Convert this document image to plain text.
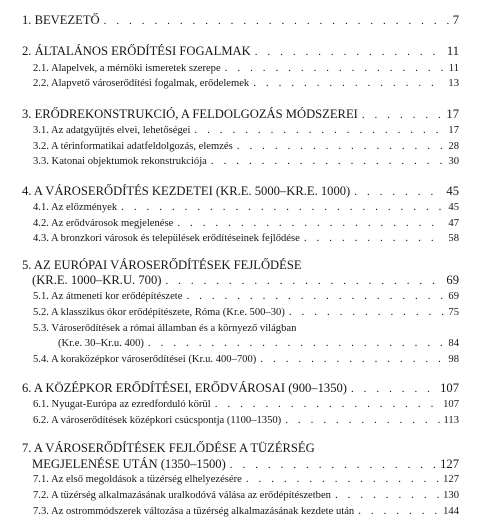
1. BEVEZETŐ . . .	7
2. ÁLTALÁNOS ERŐDÍTÉSI FOGALMAK . . .	11
2.1. Alapelvek, a mérnöki ismeretek szerepe . . .	11
2.2. Alapvető városerődítési fogalmak, erődelemek . . .	13
3. ERŐDREKONSTRUKCIÓ, A FELDOLGOZÁS MÓDSZEREI . . .	17
3.1. Az adatgyűjtés elvei, lehetőségei . . .	17
3.2. A térinformatikai adatfeldolgozás, elemzés . . .	28
3.3. Katonai objektumok rekonstrukciója . . .	30
4. A VÁROSERŐDÍTÉS KEZDETEI (KR.E. 5000–KR.E. 1000) . . .	45
4.1. Az előzmények . . .	45
4.2. Az erődvárosok megjelenése . . .	47
4.3. A bronzkori városok és települések erődítéseinek fejlődése . . .	58
5. AZ EURÓPAI VÁROSERŐDÍTÉSEK FEJLŐDÉSE
(KR.E. 1000–KR.U. 700) . . .	69
5.1. Az átmeneti kor erődépítészete . . .	69
5.2. A klasszikus ókor erődépítészete, Róma (Kr.e. 500–30) . . .	75
5.3. Városerődítések a római államban és a környező világban
(Kr.e. 30–Kr.u. 400) . . .	84
5.4. A koraközépkor városerődítései (Kr.u. 400–700) . . .	98
6. A KÖZÉPKOR ERŐDÍTÉSEI, ERŐDVÁROSAI (900–1350) . . .	107
6.1. Nyugat-Európa az ezredforduló körül . . .	107
6.2. A városerődítések középkori csúcspontja (1100–1350) . . .	113
7. A VÁROSERŐDÍTÉSEK FEJLŐDÉSE A TÜZÉRSÉG
MEGJELENÉSE UTÁN (1350–1500) . . .	127
7.1. Az első megoldások a tüzérség elhelyezésére . . .	127
7.2. A tüzérség alkalmazásának uralkodóvá válása az erődépítészetben . . .	130
7.3. Az ostrommódszerek változása a tüzérség alkalmazásának kezdete után . . .	144
